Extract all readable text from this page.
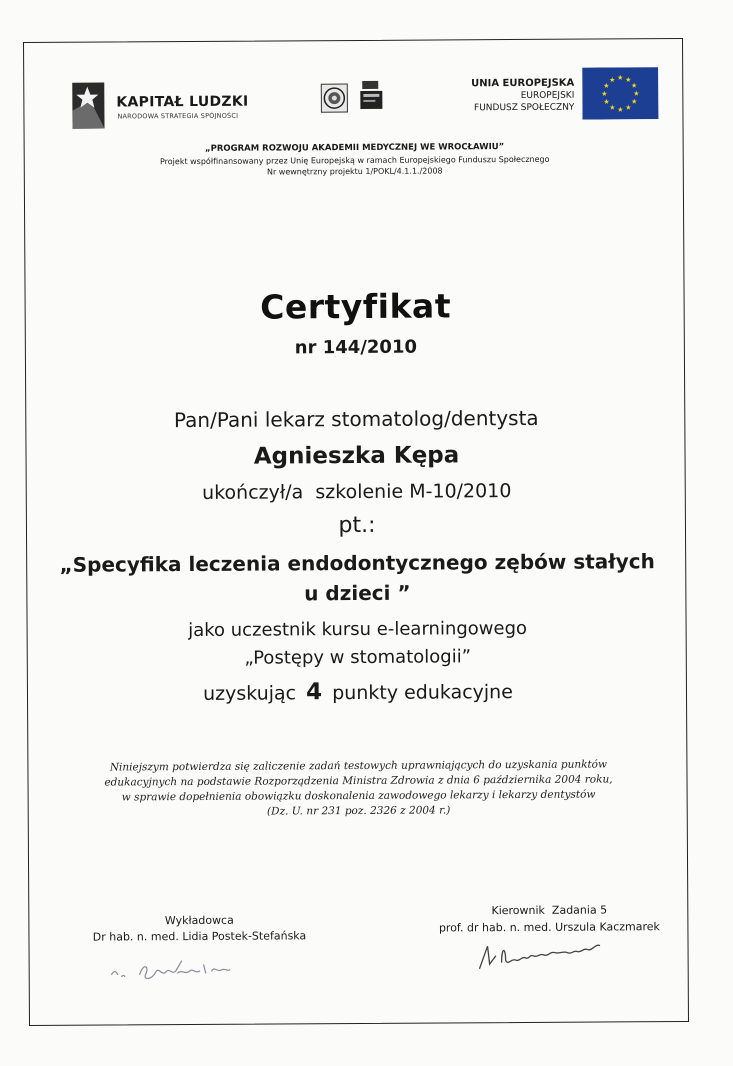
KAPITAŁ LUDZKI
NARODOWA STRATEGIA SPÓJNOŚCI
UNIA EUROPEJSKA
EUROPEJSKI
FUNDUSZ SPOŁECZNY
★
★
★
★
★
★
★
★
★ ★ ★
★
„PROGRAM ROZWOJU AKADEMII MEDYCZNEJ WE WROCŁAWIU”
Projekt współfinansowany przez Unię Europejską w ramach Europejskiego Funduszu Społecznego
Nr wewnętrzny projektu 1/POKL/4.1.1./2008
Certyfikat
nr 144/2010
Pan/Pani lekarz stomatolog/dentysta
Agnieszka Kępa
ukończył/a  szkolenie M-10/2010
pt.:
„Specyfika leczenia endodontycznego zębów stałych
u dzieci ”
jako uczestnik kursu e-learningowego
„Postępy w stomatologii”
uzyskując 4 punkty edukacyjne
Niniejszym potwierdza się zaliczenie zadań testowych uprawniających do uzyskania punktów
edukacyjnych na podstawie Rozporządzenia Ministra Zdrowia z dnia 6 października 2004 roku,
w sprawie dopełnienia obowiązku doskonalenia zawodowego lekarzy i lekarzy dentystów
(Dz. U. nr 231 poz. 2326 z 2004 r.)
Wykładowca
Dr hab. n. med. Lidia Postek-Stefańska
Kierownik  Zadania 5
prof. dr hab. n. med. Urszula Kaczmarek
